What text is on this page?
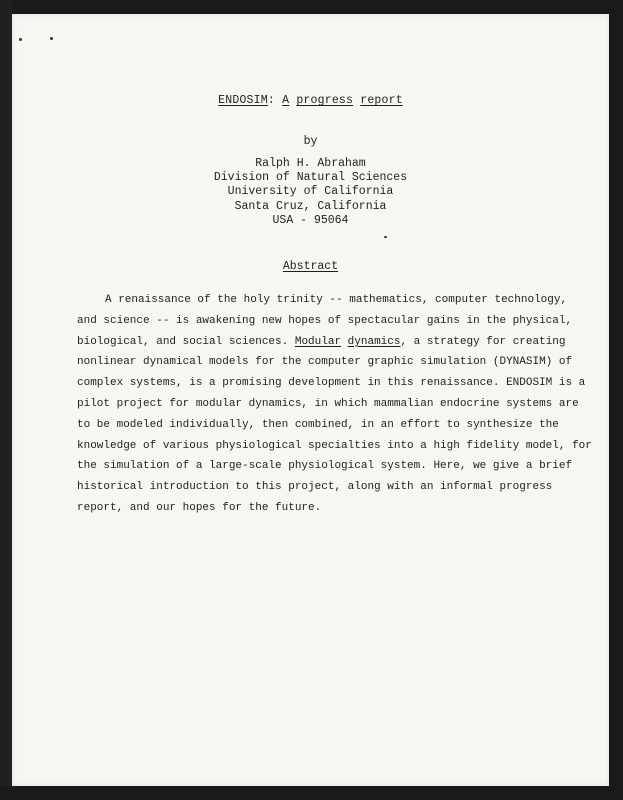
ENDOSIM: A progress report
by
Ralph H. Abraham
Division of Natural Sciences
University of California
Santa Cruz, California
USA - 95064
Abstract
A renaissance of the holy trinity -- mathematics, computer technology,
and science -- is awakening new hopes of spectacular gains in the physical,
biological, and social sciences. Modular dynamics, a strategy for creating
nonlinear dynamical models for the computer graphic simulation (DYNASIM) of
complex systems, is a promising development in this renaissance. ENDOSIM is a
pilot project for modular dynamics, in which mammalian endocrine systems are
to be modeled individually, then combined, in an effort to synthesize the
knowledge of various physiological specialties into a high fidelity model, for
the simulation of a large-scale physiological system. Here, we give a brief
historical introduction to this project, along with an informal progress
report, and our hopes for the future.
